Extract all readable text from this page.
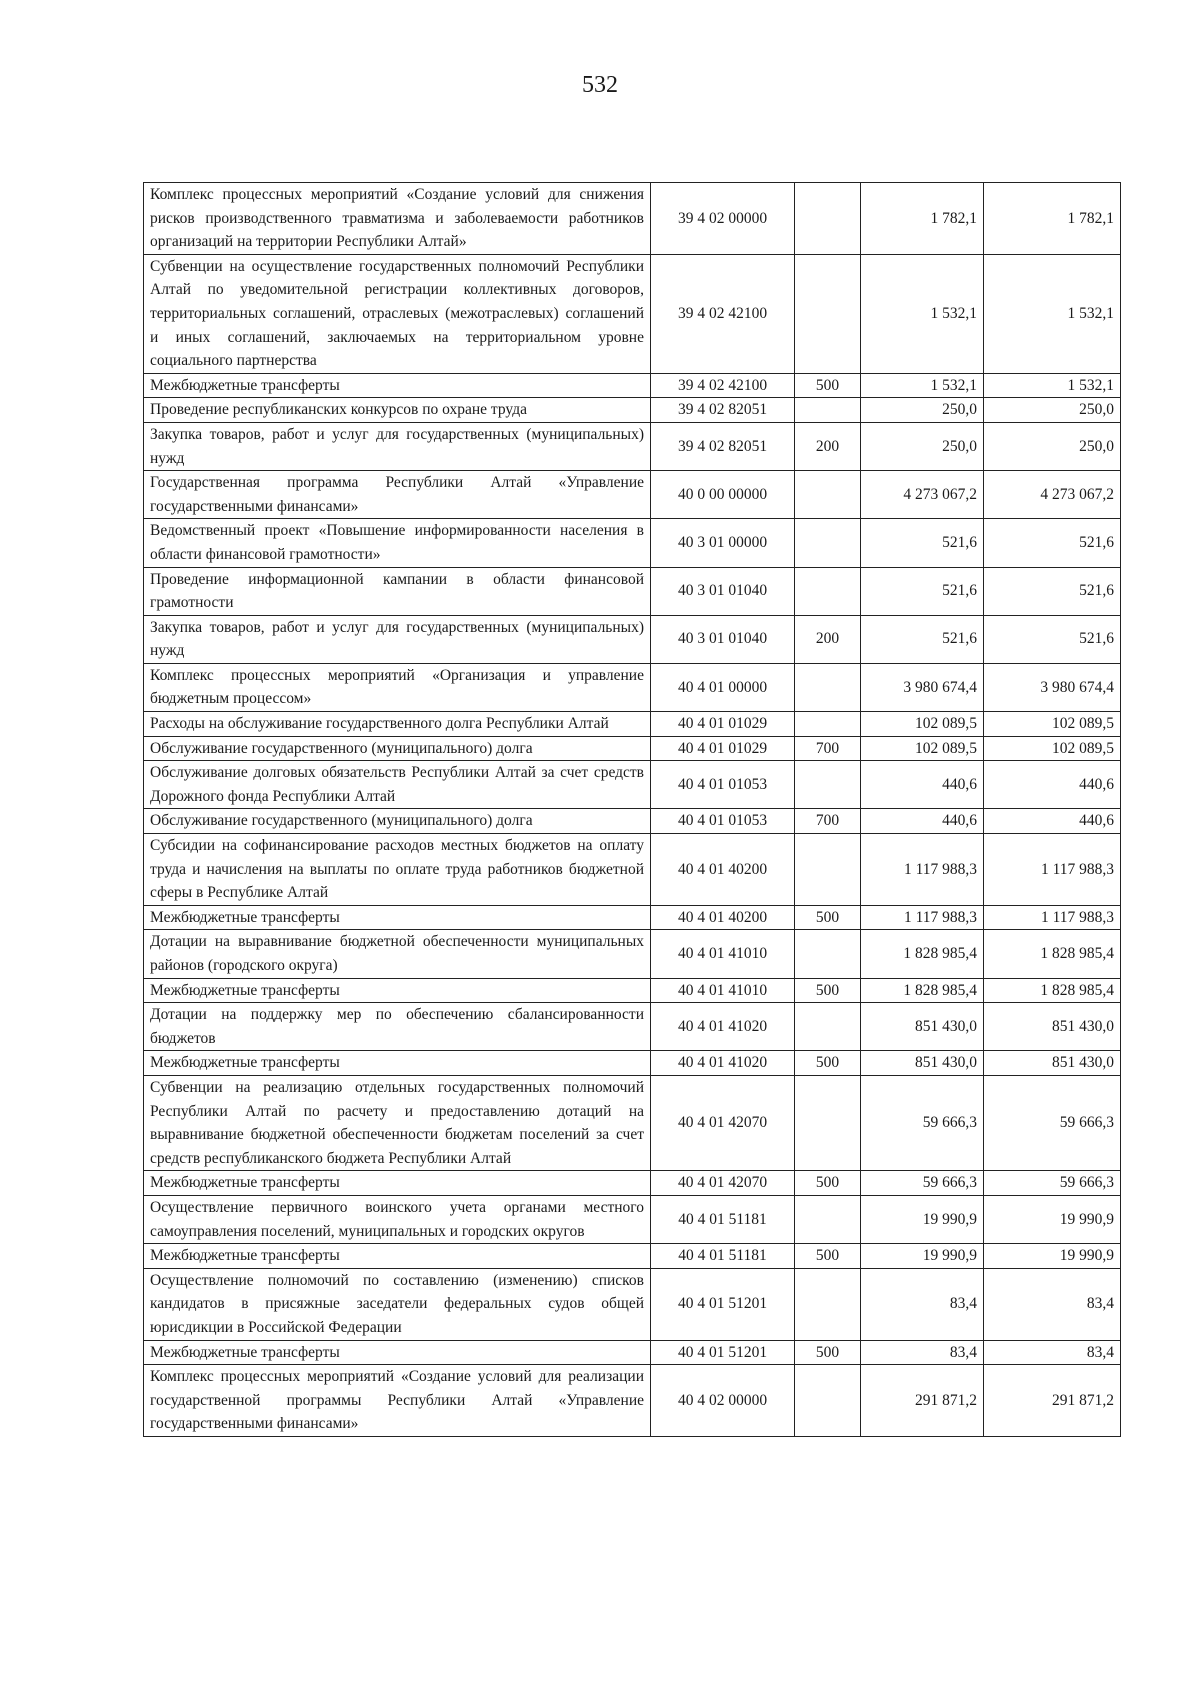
532
Комплекс процессных мероприятий «Создание условий для снижения рисков производственного травматизма и заболеваемости работников организаций на территории Республики Алтай»	39 4 02 00000		1 782,1	1 782,1
Субвенции на осуществление государственных полномочий Республики Алтай по уведомительной регистрации коллективных договоров, территориальных соглашений, отраслевых (межотраслевых) соглашений и иных соглашений, заключаемых на территориальном уровне социального партнерства	39 4 02 42100		1 532,1	1 532,1
Межбюджетные трансферты	39 4 02 42100	500	1 532,1	1 532,1
Проведение республиканских конкурсов по охране труда	39 4 02 82051		250,0	250,0
Закупка товаров, работ и услуг для государственных (муниципальных) нужд	39 4 02 82051	200	250,0	250,0
Государственная программа Республики Алтай «Управление государственными финансами»	40 0 00 00000		4 273 067,2	4 273 067,2
Ведомственный проект «Повышение информированности населения в области финансовой грамотности»	40 3 01 00000		521,6	521,6
Проведение информационной кампании в области финансовой грамотности	40 3 01 01040		521,6	521,6
Закупка товаров, работ и услуг для государственных (муниципальных) нужд	40 3 01 01040	200	521,6	521,6
Комплекс процессных мероприятий «Организация и управление бюджетным процессом»	40 4 01 00000		3 980 674,4	3 980 674,4
Расходы на обслуживание государственного долга Республики Алтай	40 4 01 01029		102 089,5	102 089,5
Обслуживание государственного (муниципального) долга	40 4 01 01029	700	102 089,5	102 089,5
Обслуживание долговых обязательств Республики Алтай за счет средств Дорожного фонда Республики Алтай	40 4 01 01053		440,6	440,6
Обслуживание государственного (муниципального) долга	40 4 01 01053	700	440,6	440,6
Субсидии на софинансирование расходов местных бюджетов на оплату труда и начисления на выплаты по оплате труда работников бюджетной сферы в Республике Алтай	40 4 01 40200		1 117 988,3	1 117 988,3
Межбюджетные трансферты	40 4 01 40200	500	1 117 988,3	1 117 988,3
Дотации на выравнивание бюджетной обеспеченности муниципальных районов (городского округа)	40 4 01 41010		1 828 985,4	1 828 985,4
Межбюджетные трансферты	40 4 01 41010	500	1 828 985,4	1 828 985,4
Дотации на поддержку мер по обеспечению сбалансированности бюджетов	40 4 01 41020		851 430,0	851 430,0
Межбюджетные трансферты	40 4 01 41020	500	851 430,0	851 430,0
Субвенции на реализацию отдельных государственных полномочий Республики Алтай по расчету и предоставлению дотаций на выравнивание бюджетной обеспеченности бюджетам поселений за счет средств республиканского бюджета Республики Алтай	40 4 01 42070		59 666,3	59 666,3
Межбюджетные трансферты	40 4 01 42070	500	59 666,3	59 666,3
Осуществление первичного воинского учета органами местного самоуправления поселений, муниципальных и городских округов	40 4 01 51181		19 990,9	19 990,9
Межбюджетные трансферты	40 4 01 51181	500	19 990,9	19 990,9
Осуществление полномочий по составлению (изменению) списков кандидатов в присяжные заседатели федеральных судов общей юрисдикции в Российской Федерации	40 4 01 51201		83,4	83,4
Межбюджетные трансферты	40 4 01 51201	500	83,4	83,4
Комплекс процессных мероприятий «Создание условий для реализации государственной программы Республики Алтай «Управление государственными финансами»	40 4 02 00000		291 871,2	291 871,2
